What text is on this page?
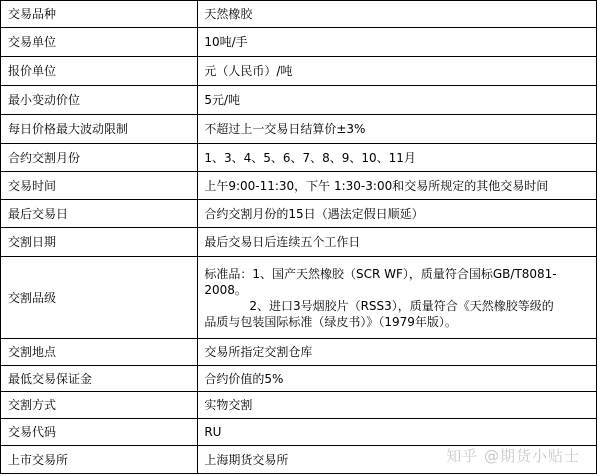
交易品种	天然橡胶
交易单位	10吨/手
报价单位	元（人民币）/吨
最小变动价位	5元/吨
每日价格最大波动限制	不超过上一交易日结算价±3%
合约交割月份	1、3、4、5、6、7、8、9、10、11月
交易时间	上午9:00-11:30，下午 1:30-3:00和交易所规定的其他交易时间
最后交易日	合约交割月份的15日（遇法定假日顺延）
交割日期	最后交易日后连续五个工作日
交割品级	标准品：1、国产天然橡胶（SCR WF），质量符合国标GB/T8081-
2008。
2、进口3号烟胶片（RSS3），质量符合《天然橡胶等级的
品质与包装国际标准（绿皮书）》（1979年版）。

交割地点	交易所指定交割仓库
最低交易保证金	合约价值的5%
交割方式	实物交割
交易代码	RU
上市交易所	上海期货交易所	知乎 @期货小贴士
